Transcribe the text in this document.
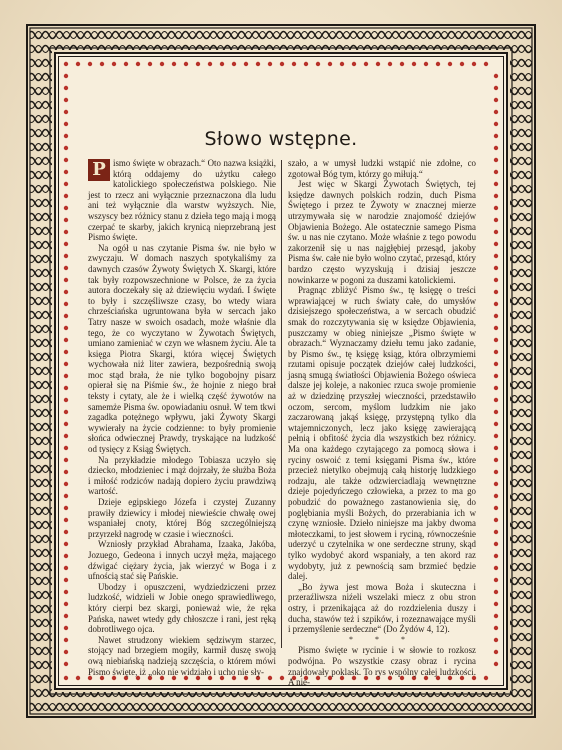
Słowo wstępne.

P ismo święte w obrazach.“ Oto nazwa książki, którą oddajemy do użytku całego katolickiego społeczeństwa polskiego. Nie jest to rzecz ani wyłącznie przeznaczona dla ludu ani też wyłącznie dla warstw wyższych. Nie, wszyscy bez różnicy stanu z dzieła tego mają i mogą czerpać te skarby, jakich krynicą nieprzebraną jest Pismo święte.

Na ogół u nas czytanie Pisma św. nie było w zwyczaju. W domach naszych spotykaliśmy za dawnych czasów Żywoty Świętych X. Skargi, które tak były rozpowszechnione w Polsce, że za życia autora doczekały się aż dziewięciu wydań. I święte to były i szczęśliwsze czasy, bo wtedy wiara chrześciańska ugruntowana była w sercach jako Tatry nasze w swoich osadach, może właśnie dla tego, że co wyczytano w Żywotach Świętych, umiano zamieniać w czyn we własnem życiu. Ale ta księga Piotra Skargi, która więcej Świętych wychowała niż liter zawiera, bezpośrednią swoją moc stąd brała, że nie tylko bogobojny pisarz opierał się na Piśmie św., że hojnie z niego brał teksty i cytaty, ale że i wielką część żywotów na samemże Pisma św. opowiadaniu osnuł. W tem tkwi zagadka potężnego wpływu, jaki Żywoty Skargi wywierały na życie codzienne: to były promienie słońca odwiecznej Prawdy, tryskające na ludzkość od tysięcy z Ksiąg Świętych.

Na przykładzie młodego Tobiasza uczyło się dziecko, młodzieniec i mąż dojrzały, że służba Boża i miłość rodziców nadają dopiero życiu prawdziwą wartość.

Dzieje egipskiego Józefa i czystej Zuzanny prawiły dziewicy i młodej niewieście chwałę owej wspaniałej cnoty, której Bóg szczególniejszą przyrzekł nagrodę w czasie i wieczności.

Wzniosły przykład Abrahama, Izaaka, Jakóba, Jozuego, Gedeona i innych uczył męża, mającego dźwigać ciężary życia, jak wierzyć w Boga i z ufnością stać się Pańskie.

Ubodzy i opuszczeni, wydziedziczeni przez ludzkość, widzieli w Jobie onego sprawiedliwego, który cierpi bez skargi, ponieważ wie, że ręka Pańska, nawet wtedy gdy chłoszcze i rani, jest ręką dobrotliwego ojca.

Nawet strudzony wiekiem sędziwym starzec, stojący nad brzegiem mogiły, karmił duszę swoją ową niebiańską nadzieją szczęścia, o którem mówi Pismo święte, iż „oko nie widziało i ucho nie sły-

szało, a w umysł ludzki wstąpić nie zdołne, co zgotował Bóg tym, którzy go miłują.“

Jest więc w Skargi Żywotach Świętych, tej księdze dawnych polskich rodzin, duch Pisma Świętego i przez te Żywoty w znacznej mierze utrzymywała się w narodzie znajomość dziejów Objawienia Bożego. Ale ostatecznie samego Pisma św. u nas nie czytano. Może właśnie z tego powodu zakorzenił się u nas najgłębiej przesąd, jakoby Pisma św. całe nie było wolno czytać, przesąd, który bardzo często wyzyskują i dzisiaj jeszcze nowinkarze w pogoni za duszami katolickiemi.

Pragnąc zbliżyć Pismo św., tę księgę o treści wprawiającej w ruch światy całe, do umysłów dzisiejszego społeczeństwa, a w sercach obudzić smak do rozczytywania się w księdze Objawienia, puszczamy w obieg niniejsze „Pismo święte w obrazach.“ Wyznaczamy dziełu temu jako zadanie, by Pismo św., tę księgę ksiąg, która olbrzymiemi rzutami opisuje początek dziejów całej ludzkości, jasną smugą światłości Objawienia Bożego oświeca dalsze jej koleje, a nakoniec rzuca swoje promienie aż w dziedzinę przyszłej wieczności, przedstawiło oczom, sercom, myślom ludzkim nie jako zaczarowaną jakąś księgę, przystępną tylko dla wtajemniczonych, lecz jako księgę zawierającą pełnią i obfitość życia dla wszystkich bez różnicy. Ma ona każdego czytającego za pomocą słowa i ryciny oswoić z temi księgami Pisma św., które przecież nietylko obejmują całą historję ludzkiego rodzaju, ale także odzwierciadlają wewnętrzne dzieje pojedyńczego człowieka, a przez to ma go pobudzić do poważnego zastanowienia się, do poglębiania myśli Bożych, do przerabiania ich w czynę wzniosłe. Dzieło niniejsze ma jakby dwoma młoteczkami, to jest słowem i ryciną, równocześnie uderzyć u czytelnika w one serdeczne struny, skąd tylko wydobyć akord wspaniały, a ten akord raz wydobyty, już z pewnością sam brzmieć będzie dalej.

„Bo żywa jest mowa Boża i skuteczna i przeraźliwsza niźeli wszelaki miecz z obu stron ostry, i przenikająca aż do rozdzielenia duszy i ducha, stawów też i szpików, i rozeznawające myśli i przemyślenie serdeczne“ (Do Żydów 4, 12).

* * *

Pismo święte w rycinie i w słowie to rozkosz podwójna. Po wszystkie czasy obraz i rycina znajdowały poklask. To rys wspólny całej ludzkości. A nie-
